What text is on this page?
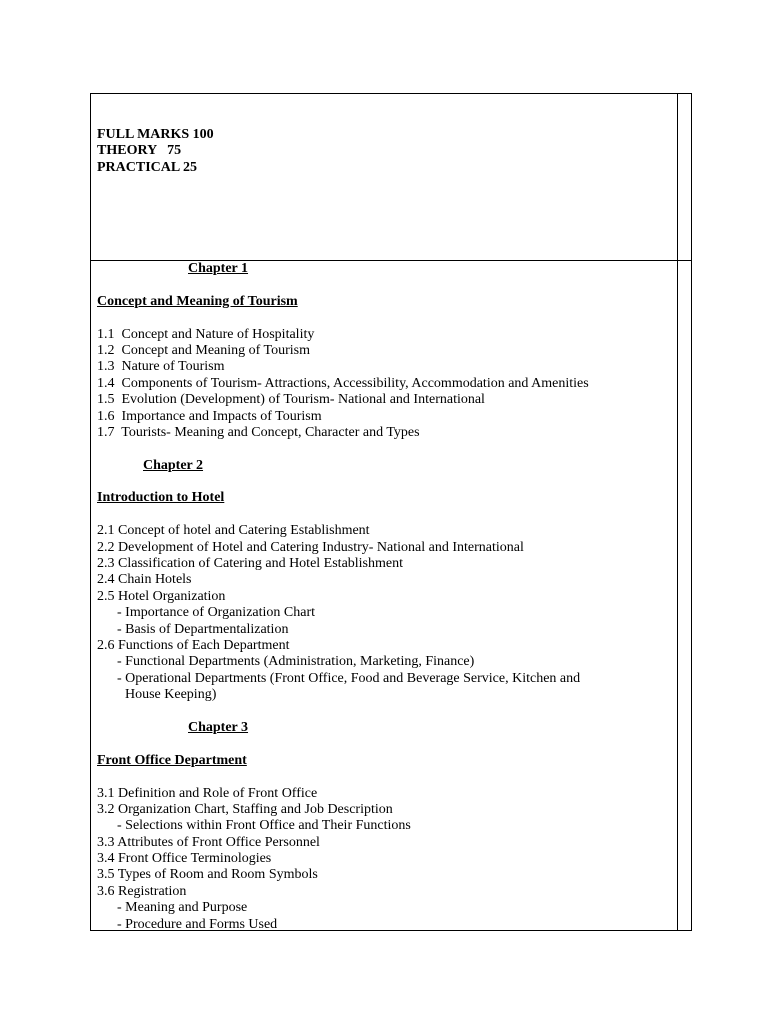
FULL MARKS 100
THEORY   75
PRACTICAL 25
Chapter 1
Concept and Meaning of Tourism
1.1  Concept and Nature of Hospitality
1.2  Concept and Meaning of Tourism
1.3  Nature of Tourism
1.4  Components of Tourism- Attractions, Accessibility, Accommodation and Amenities
1.5  Evolution (Development) of Tourism- National and International
1.6  Importance and Impacts of Tourism
1.7  Tourists- Meaning and Concept, Character and Types
Chapter 2
Introduction to Hotel
2.1 Concept of hotel and Catering Establishment
2.2 Development of Hotel and Catering Industry- National and International
2.3 Classification of Catering and Hotel Establishment
2.4 Chain Hotels
2.5 Hotel Organization
- Importance of Organization Chart
- Basis of Departmentalization
2.6 Functions of Each Department
- Functional Departments (Administration, Marketing, Finance)
- Operational Departments (Front Office, Food and Beverage Service, Kitchen and
House Keeping)
Chapter 3
Front Office Department
3.1 Definition and Role of Front Office
3.2 Organization Chart, Staffing and Job Description
- Selections within Front Office and Their Functions
3.3 Attributes of Front Office Personnel
3.4 Front Office Terminologies
3.5 Types of Room and Room Symbols
3.6 Registration
- Meaning and Purpose
- Procedure and Forms Used
